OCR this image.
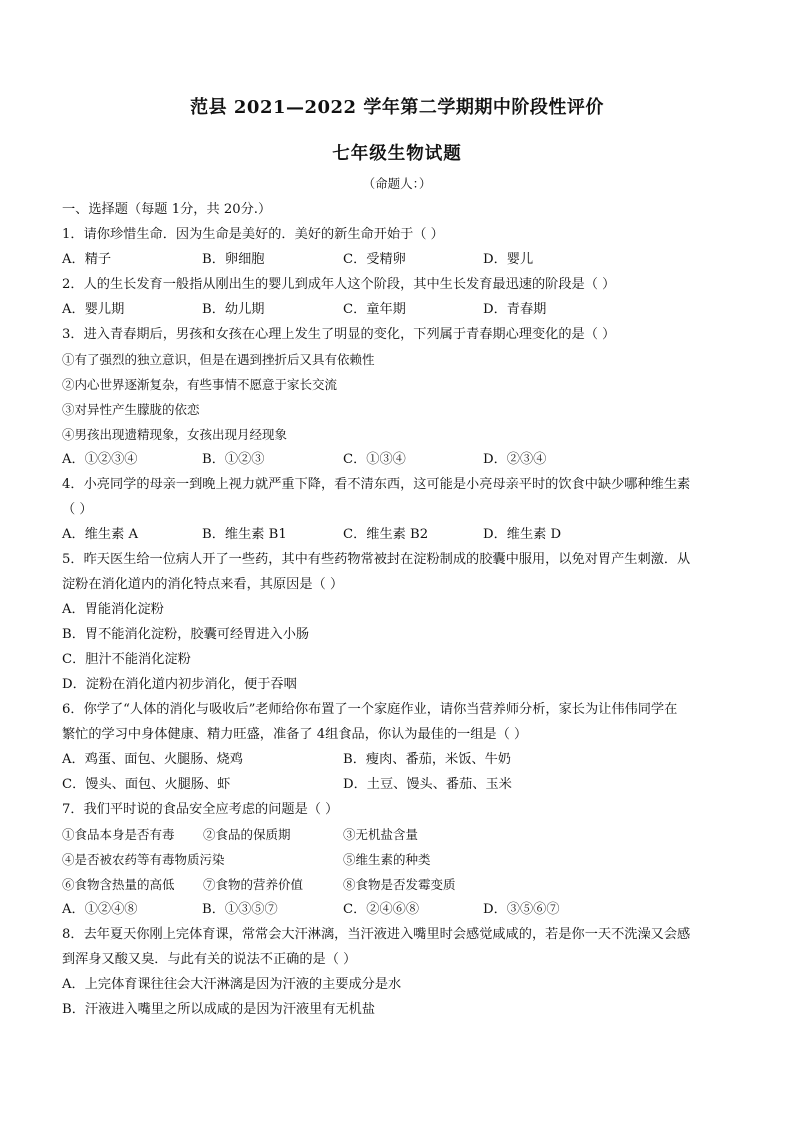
范县 2021—2022 学年第二学期期中阶段性评价
七年级生物试题
（命题人：）
一、选择题（每题 1分，共 20分.）
1．请你珍惜生命．因为生命是美好的．美好的新生命开始于（ ）
A．精子	B．卵细胞	C．受精卵	D．婴儿
2．人的生长发育一般指从刚出生的婴儿到成年人这个阶段，其中生长发育最迅速的阶段是（ ）
A．婴儿期	B．幼儿期	C．童年期	D．青春期
3．进入青春期后，男孩和女孩在心理上发生了明显的变化，下列属于青春期心理变化的是（ ）
①有了强烈的独立意识，但是在遇到挫折后又具有依赖性
②内心世界逐渐复杂，有些事情不愿意于家长交流
③对异性产生朦胧的依恋
④男孩出现遗精现象，女孩出现月经现象
A．①②③④	B．①②③	C．①③④	D．②③④
4．小亮同学的母亲一到晚上视力就严重下降，看不清东西，这可能是小亮母亲平时的饮食中缺少哪种维生素
（ ）
A．维生素 A	B．维生素 B1	C．维生素 B2	D．维生素 D
5．昨天医生给一位病人开了一些药，其中有些药物常被封在淀粉制成的胶囊中服用，以免对胃产生刺激．从
淀粉在消化道内的消化特点来看，其原因是（ ）
A．胃能消化淀粉
B．胃不能消化淀粉，胶囊可经胃进入小肠
C．胆汁不能消化淀粉
D．淀粉在消化道内初步消化，便于吞咽
6．你学了“人体的消化与吸收后”老师给你布置了一个家庭作业，请你当营养师分析，家长为让伟伟同学在
繁忙的学习中身体健康、精力旺盛，准备了 4组食品，你认为最佳的一组是（ ）
A．鸡蛋、面包、火腿肠、烧鸡	B．瘦肉、番茄，米饭、牛奶
C．馒头、面包、火腿肠、虾	D．土豆、馒头、番茄、玉米
7．我们平时说的食品安全应考虑的问题是（ ）
①食品本身是否有毒 ②食品的保质期	③无机盐含量
④是否被农药等有毒物质污染	⑤维生素的种类
⑥食物含热量的高低 ⑦食物的营养价值	⑧食物是否发霉变质
A．①②④⑧	B．①③⑤⑦	C．②④⑥⑧	D．③⑤⑥⑦
8．去年夏天你刚上完体育课，常常会大汗淋漓，当汗液进入嘴里时会感觉咸咸的，若是你一天不洗澡又会感
到浑身又酸又臭．与此有关的说法不正确的是（ ）
A．上完体育课往往会大汗淋漓是因为汗液的主要成分是水
B．汗液进入嘴里之所以成咸的是因为汗液里有无机盐
